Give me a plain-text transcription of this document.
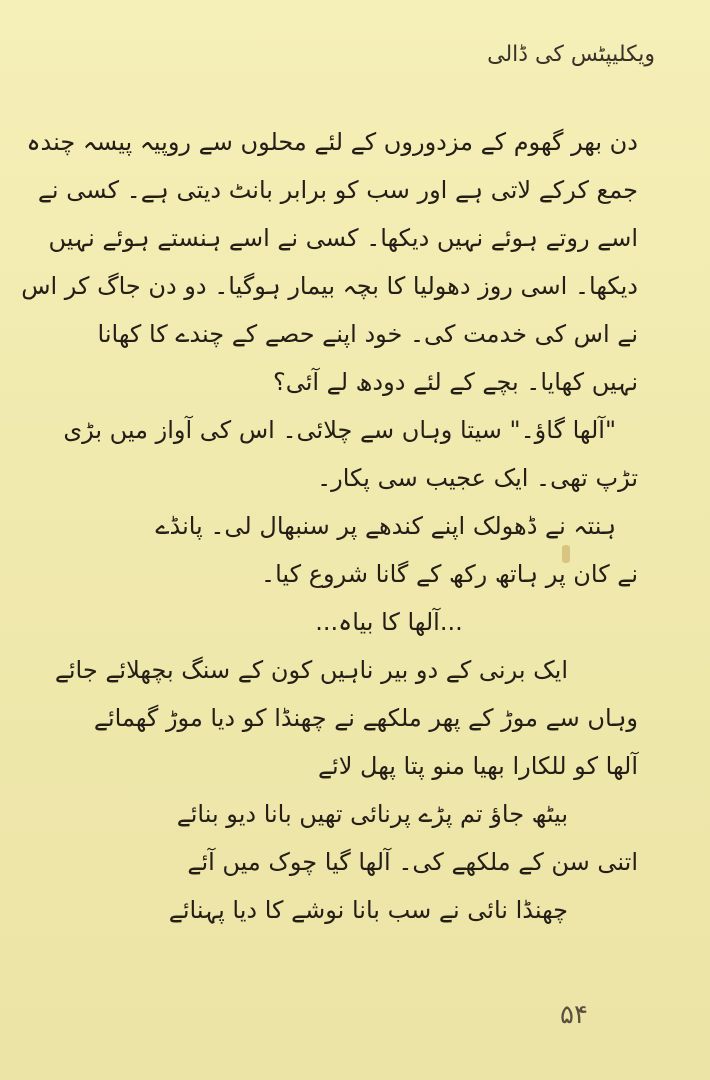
ویکلیپٹس کی ڈالی
دن بھر گھوم کے مزدوروں کے لئے محلوں سے روپیہ پیسہ چندہ
جمع کرکے لاتی ہے اور سب کو برابر بانٹ دیتی ہے۔ کسی نے
اسے روتے ہوئے نہیں دیکھا۔ کسی نے اسے ہنستے ہوئے نہیں
دیکھا۔ اسی روز دھولیا کا بچہ بیمار ہوگیا۔ دو دن جاگ کر اس
نے اس کی خدمت کی۔ خود اپنے حصے کے چندے کا کھانا
نہیں کھایا۔ بچے کے لئے دودھ لے آئی؟
"آلھا گاؤ۔" سیتا وہاں سے چلائی۔ اس کی آواز میں بڑی
تڑپ تھی۔ ایک عجیب سی پکار۔
ہنتہ نے ڈھولک اپنے کندھے پر سنبھال لی۔ پانڈے
نے کان پر ہاتھ رکھ کے گانا شروع کیا۔
...آلھا کا بیاہ...
ایک برنی کے دو بیر ناہیں کون کے سنگ بچھلائے جائے
وہاں سے موڑ کے پھر ملکھے نے چھنڈا کو دیا موڑ گھمائے
آلھا کو للکارا بھیا منو پتا پھل لائے
بیٹھ جاؤ تم پڑے پرنائی تھیں بانا دیو بنائے
اتنی سن کے ملکھے کی۔ آلھا گیا چوک میں آئے
چھنڈا نائی نے سب بانا نوشے کا دیا پہنائے
۵۴
